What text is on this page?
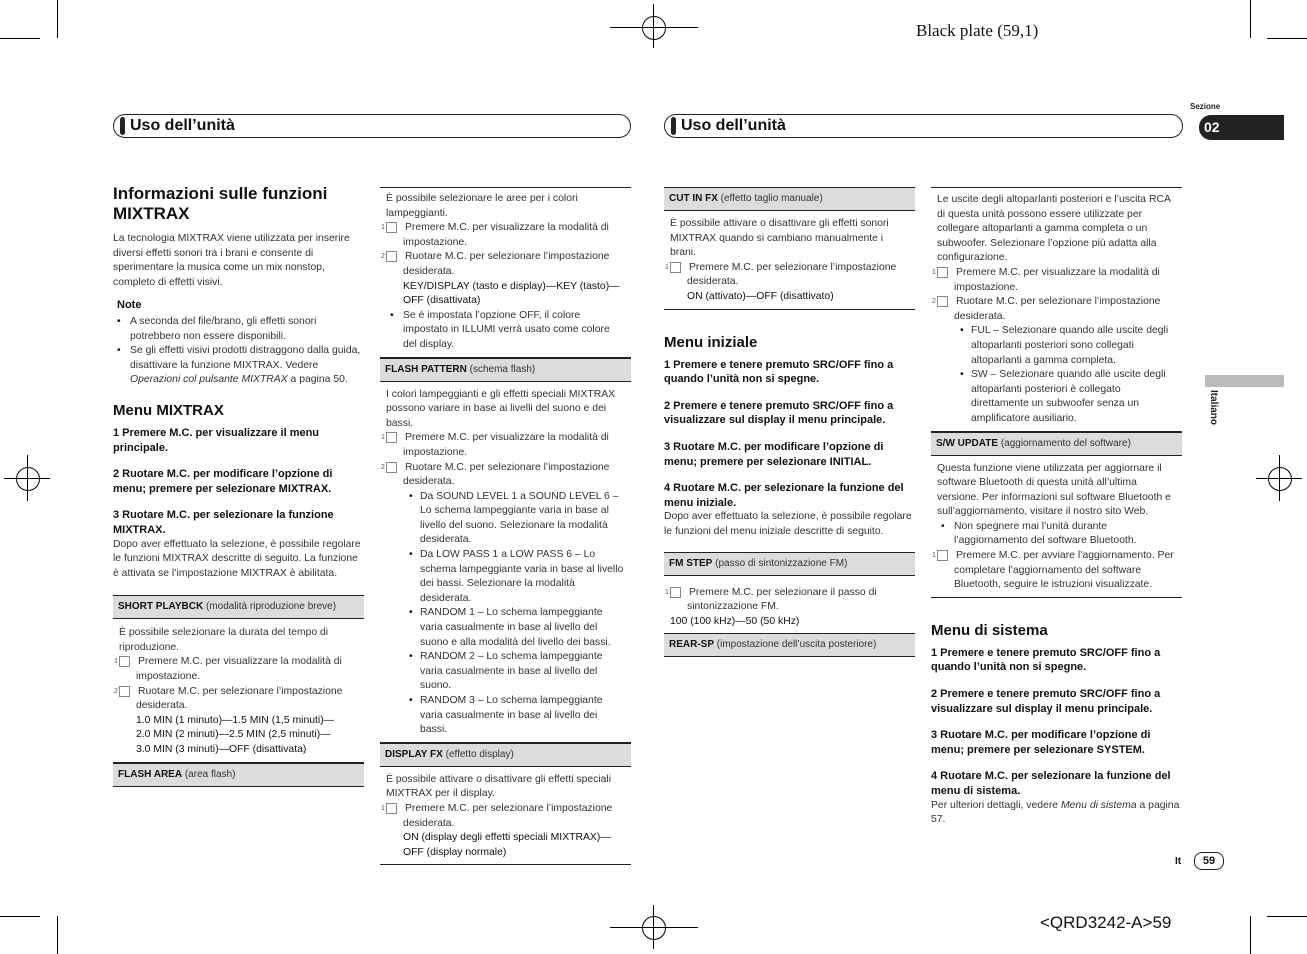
Black plate (59,1)
Sezione
02
Italiano
Uso dell’unità	Uso dell’unità
Informazioni sulle funzioni MIXTRAX

La tecnologia MIXTRAX viene utilizzata per inserire diversi effetti sonori tra i brani e consente di sperimentare la musica come un mix nonstop, completo di effetti visivi.

Note

• A seconda del file/brano, gli effetti sonori potrebbero non essere disponibili.

• Se gli effetti visivi prodotti distraggono dalla guida, disattivare la funzione MIXTRAX. Vedere Operazioni col pulsante MIXTRAX a pagina 50.

Menu MIXTRAX

1 Premere M.C. per visualizzare il menu principale.

2 Ruotare M.C. per modificare l’opzione di menu; premere per selezionare MIXTRAX.

3 Ruotare M.C. per selezionare la funzione MIXTRAX.

Dopo aver effettuato la selezione, è possibile regolare le funzioni MIXTRAX descritte di seguito. La funzione è attivata se l’impostazione MIXTRAX è abilitata.

SHORT PLAYBCK (modalità riproduzione breve)

È possibile selezionare la durata del tempo di riproduzione.

1 Premere M.C. per visualizzare la modalità di impostazione.

2 Ruotare M.C. per selezionare l’impostazione desiderata.

1.0 MIN (1 minuto)—1.5 MIN (1,5 minuti)—

2.0 MIN (2 minuti)—2.5 MIN (2,5 minuti)—

3.0 MIN (3 minuti)—OFF (disattivata)

FLASH AREA (area flash)

È possibile selezionare le aree per i colori lampeggianti.

1 Premere M.C. per visualizzare la modalità di impostazione.

2 Ruotare M.C. per selezionare l’impostazione desiderata.

KEY/DISPLAY (tasto e display)—KEY (tasto)—OFF (disattivata)

• Se è impostata l’opzione OFF, il colore impostato in ILLUMI verrà usato come colore del display.

FLASH PATTERN (schema flash)

I colori lampeggianti e gli effetti speciali MIXTRAX possono variare in base ai livelli del suono e dei bassi.

1 Premere M.C. per visualizzare la modalità di impostazione.

2 Ruotare M.C. per selezionare l’impostazione desiderata.

• Da SOUND LEVEL 1 a SOUND LEVEL 6 – Lo schema lampeggiante varia in base al livello del suono. Selezionare la modalità desiderata.

• Da LOW PASS 1 a LOW PASS 6 – Lo schema lampeggiante varia in base al livello dei bassi. Selezionare la modalità desiderata.

• RANDOM 1 – Lo schema lampeggiante varia casualmente in base al livello del suono e alla modalità del livello dei bassi.

• RANDOM 2 – Lo schema lampeggiante varia casualmente in base al livello del suono.

• RANDOM 3 – Lo schema lampeggiante varia casualmente in base al livello dei bassi.

DISPLAY FX (effetto display)

È possibile attivare o disattivare gli effetti speciali MIXTRAX per il display.

1 Premere M.C. per selezionare l’impostazione desiderata.

ON (display degli effetti speciali MIXTRAX)—OFF (display normale)

CUT IN FX (effetto taglio manuale)

È possibile attivare o disattivare gli effetti sonori MIXTRAX quando si cambiano manualmente i brani.

1 Premere M.C. per selezionare l’impostazione desiderata.

ON (attivato)—OFF (disattivato)

Menu iniziale

1 Premere e tenere premuto SRC/OFF fino a quando l’unità non si spegne.

2 Premere e tenere premuto SRC/OFF fino a visualizzare sul display il menu principale.

3 Ruotare M.C. per modificare l’opzione di menu; premere per selezionare INITIAL.

4 Ruotare M.C. per selezionare la funzione del menu iniziale.

Dopo aver effettuato la selezione, è possibile regolare le funzioni del menu iniziale descritte di seguito.

FM STEP (passo di sintonizzazione FM)

1 Premere M.C. per selezionare il passo di sintonizzazione FM.

100 (100 kHz)—50 (50 kHz)

REAR-SP (impostazione dell’uscita posteriore)

Le uscite degli altoparlanti posteriori e l’uscita RCA di questa unità possono essere utilizzate per collegare altoparlanti a gamma completa o un subwoofer. Selezionare l’opzione più adatta alla configurazione.

1 Premere M.C. per visualizzare la modalità di impostazione.

2 Ruotare M.C. per selezionare l’impostazione desiderata.

• FUL – Selezionare quando alle uscite degli altoparlanti posteriori sono collegati altoparlanti a gamma completa.

• SW – Selezionare quando alle uscite degli altoparlanti posteriori è collegato direttamente un subwoofer senza un amplificatore ausiliario.

S/W UPDATE (aggiornamento del software)

Questa funzione viene utilizzata per aggiornare il software Bluetooth di questa unità all’ultima versione. Per informazioni sul software Bluetooth e sull’aggiornamento, visitare il nostro sito Web.

• Non spegnere mai l’unità durante l’aggiornamento del software Bluetooth.

1 Premere M.C. per avviare l’aggiornamento. Per completare l’aggiornamento del software Bluetooth, seguire le istruzioni visualizzate.

Menu di sistema

1 Premere e tenere premuto SRC/OFF fino a quando l’unità non si spegne.

2 Premere e tenere premuto SRC/OFF fino a visualizzare sul display il menu principale.

3 Ruotare M.C. per modificare l’opzione di menu; premere per selezionare SYSTEM.

4 Ruotare M.C. per selezionare la funzione del menu di sistema.

Per ulteriori dettagli, vedere Menu di sistema a pagina 57.

It	59
<QRD3242-A>59
